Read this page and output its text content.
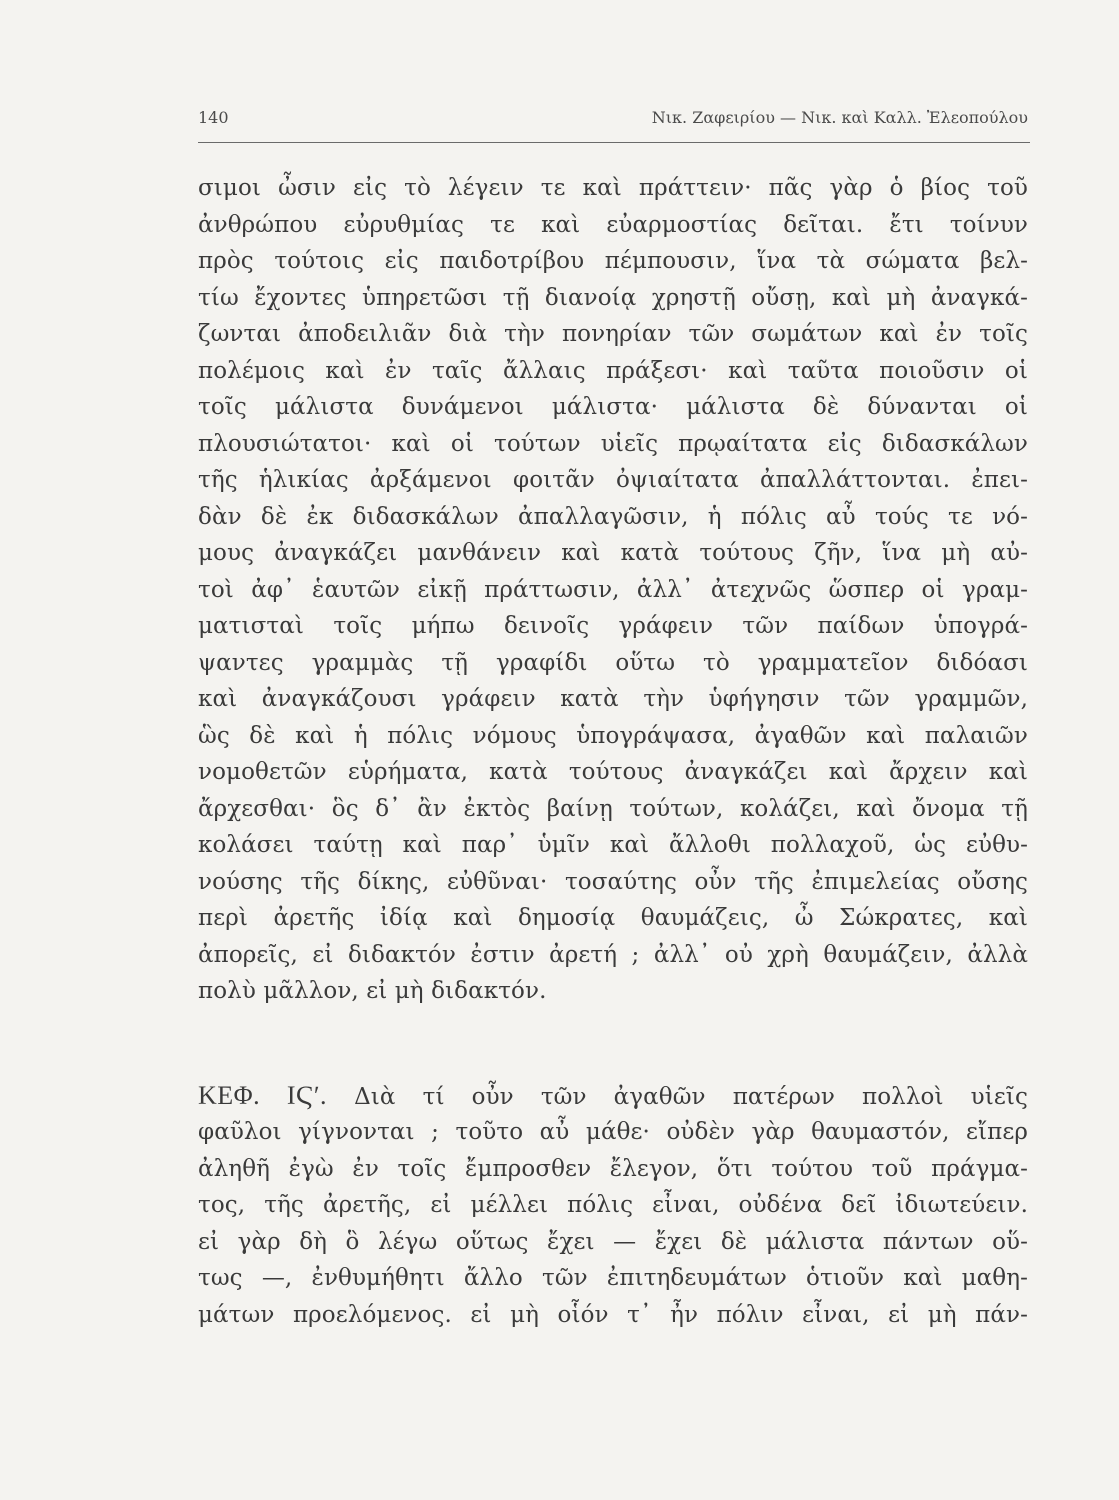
140	Νικ. Ζαφειρίου — Νικ. καὶ Καλλ. Ἐλεοπούλου
σιμοι ὦσιν εἰς τὸ λέγειν τε καὶ πράττειν· πᾶς γὰρ ὁ βίος τοῦ
ἀνθρώπου εὐρυθμίας τε καὶ εὐαρμοστίας δεῖται. ἔτι τοίνυν
πρὸς τούτοις εἰς παιδοτρίβου πέμπουσιν, ἵνα τὰ σώματα βελ-
τίω ἔχοντες ὑπηρετῶσι τῇ διανοίᾳ χρηστῇ οὔσῃ, καὶ μὴ ἀναγκά-
ζωνται ἀποδειλιᾶν διὰ τὴν πονηρίαν τῶν σωμάτων καὶ ἐν τοῖς
πολέμοις καὶ ἐν ταῖς ἄλλαις πράξεσι· καὶ ταῦτα ποιοῦσιν οἱ
τοῖς μάλιστα δυνάμενοι μάλιστα· μάλιστα δὲ δύνανται οἱ
πλουσιώτατοι· καὶ οἱ τούτων υἱεῖς πρῳαίτατα εἰς διδασκάλων
τῆς ἡλικίας ἀρξάμενοι φοιτᾶν ὀψιαίτατα ἀπαλλάττονται. ἐπει-
δὰν δὲ ἐκ διδασκάλων ἀπαλλαγῶσιν, ἡ πόλις αὖ τούς τε νό-
μους ἀναγκάζει μανθάνειν καὶ κατὰ τούτους ζῆν, ἵνα μὴ αὐ-
τοὶ ἀφ᾽ ἑαυτῶν εἰκῇ πράττωσιν, ἀλλ᾽ ἀτεχνῶς ὥσπερ οἱ γραμ-
ματισταὶ τοῖς μήπω δεινοῖς γράφειν τῶν παίδων ὑπογρά-
ψαντες γραμμὰς τῇ γραφίδι οὕτω τὸ γραμματεῖον διδόασι
καὶ ἀναγκάζουσι γράφειν κατὰ τὴν ὑφήγησιν τῶν γραμμῶν,
ὣς δὲ καὶ ἡ πόλις νόμους ὑπογράψασα, ἀγαθῶν καὶ παλαιῶν
νομοθετῶν εὑρήματα, κατὰ τούτους ἀναγκάζει καὶ ἄρχειν καὶ
ἄρχεσθαι· ὃς δ᾽ ἂν ἐκτὸς βαίνῃ τούτων, κολάζει, καὶ ὄνομα τῇ
κολάσει ταύτῃ καὶ παρ᾽ ὑμῖν καὶ ἄλλοθι πολλαχοῦ, ὡς εὐθυ-
νούσης τῆς δίκης, εὐθῦναι· τοσαύτης οὖν τῆς ἐπιμελείας οὔσης
περὶ ἀρετῆς ἰδίᾳ καὶ δημοσίᾳ θαυμάζεις, ὦ Σώκρατες, καὶ
ἀπορεῖς, εἰ διδακτόν ἐστιν ἀρετή ; ἀλλ᾽ οὐ χρὴ θαυμάζειν, ἀλλὰ
πολὺ μᾶλλον, εἰ μὴ διδακτόν.
ΚΕΦ. ΙϚʹ. Διὰ τί οὖν τῶν ἀγαθῶν πατέρων πολλοὶ υἱεῖς
φαῦλοι γίγνονται ; τοῦτο αὖ μάθε· οὐδὲν γὰρ θαυμαστόν, εἴπερ
ἀληθῆ ἐγὼ ἐν τοῖς ἔμπροσθεν ἔλεγον, ὅτι τούτου τοῦ πράγμα-
τος, τῆς ἀρετῆς, εἰ μέλλει πόλις εἶναι, οὐδένα δεῖ ἰδιωτεύειν.
εἰ γὰρ δὴ ὃ λέγω οὕτως ἔχει — ἔχει δὲ μάλιστα πάντων οὕ-
τως —, ἐνθυμήθητι ἄλλο τῶν ἐπιτηδευμάτων ὁτιοῦν καὶ μαθη-
μάτων προελόμενος. εἰ μὴ οἷόν τ᾽ ἦν πόλιν εἶναι, εἰ μὴ πάν-
